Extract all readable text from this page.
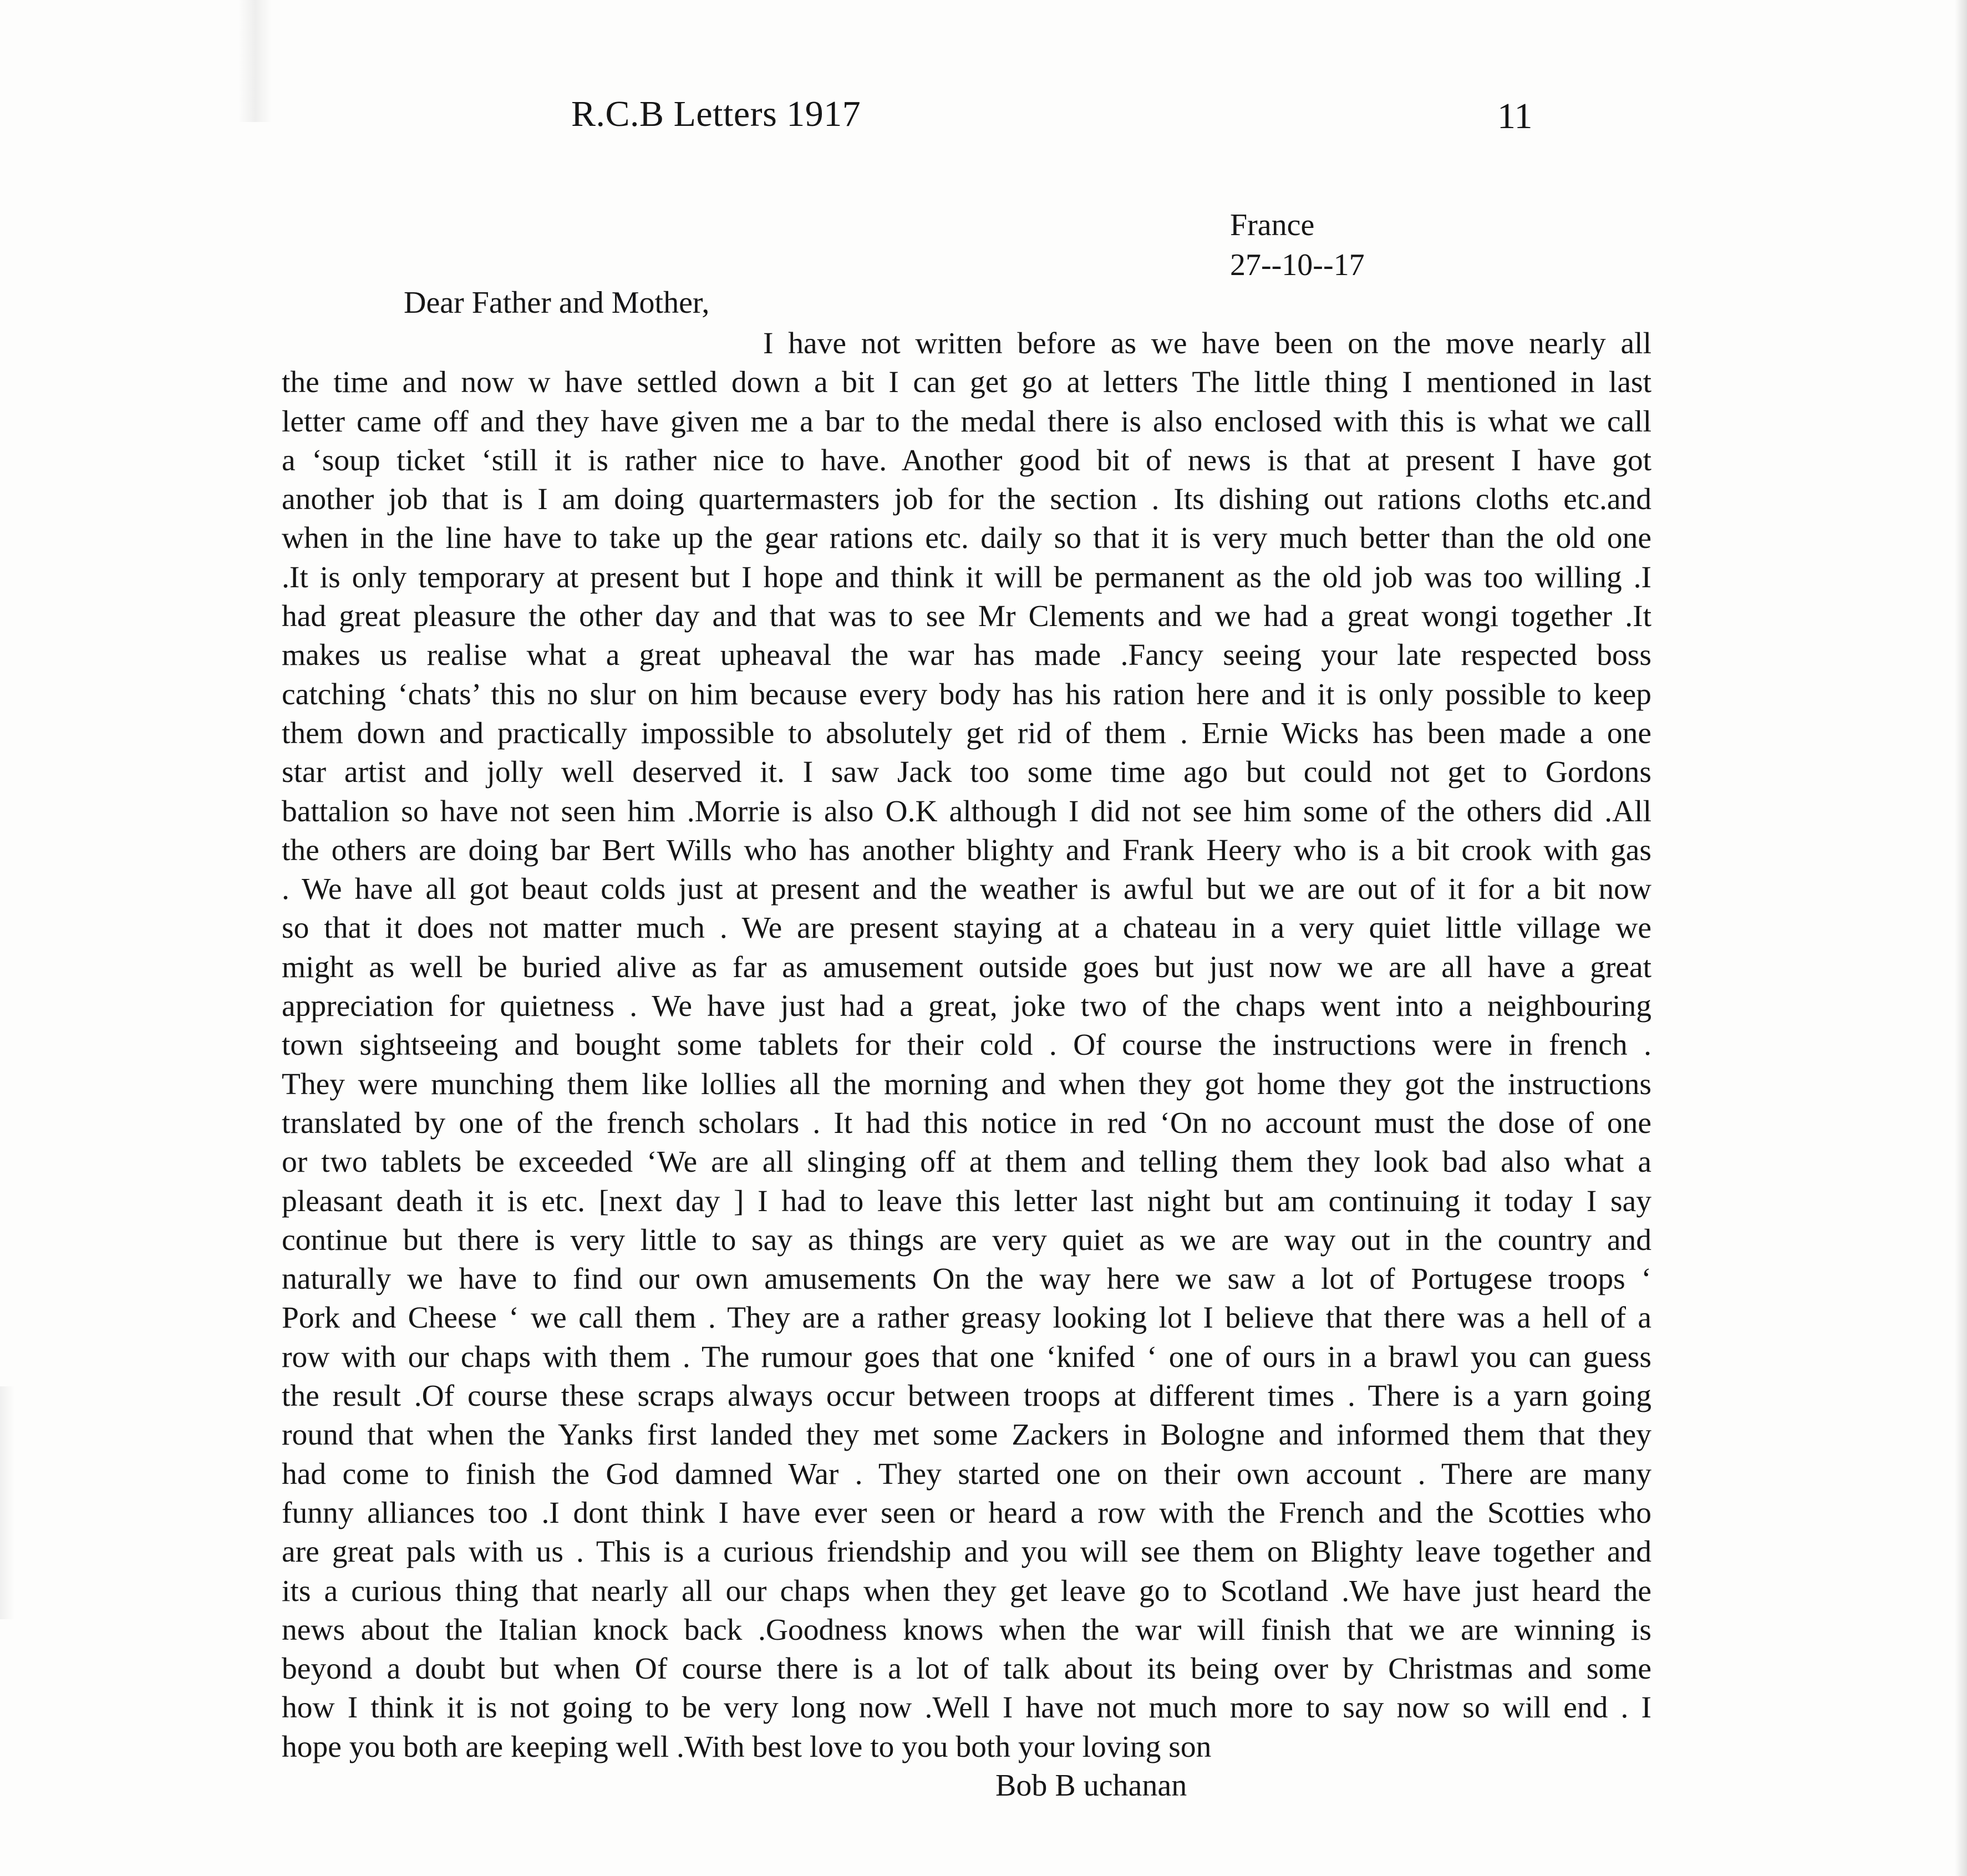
R.C.B Letters 1917	11
France
27--10--17
Dear Father and Mother,
I have not written before as we have been on the move nearly all
the time and now w have settled down a bit I can get go at letters The little thing I mentioned in last
letter came off and they have given me a bar to the medal there is also enclosed with this is what we call
a ‘soup ticket ‘still it is rather nice to have. Another good bit of news is that at present I have got
another job that is I am doing quartermasters job for the section . Its dishing out rations cloths etc.and
when in the line have to take up the gear rations etc. daily so that it is very much better than the old one
.It is only temporary at present but I hope and think it will be permanent as the old job was too willing .I
had great pleasure the other day and that was to see Mr Clements and we had a great wongi together .It
makes us realise what a great upheaval the war has made .Fancy seeing your late respected boss
catching ‘chats’ this no slur on him because every body has his ration here and it is only possible to keep
them down and practically impossible to absolutely get rid of them . Ernie Wicks has been made a one
star artist and jolly well deserved it. I saw Jack too some time ago but could not get to Gordons
battalion so have not seen him .Morrie is also O.K although I did not see him some of the others did .All
the others are doing bar Bert Wills who has another blighty and Frank Heery who is a bit crook with gas
. We have all got beaut colds just at present and the weather is awful but we are out of it for a bit now
so that it does not matter much . We are present staying at a chateau in a very quiet little village we
might as well be buried alive as far as amusement outside goes but just now we are all have a great
appreciation for quietness . We have just had a great, joke two of the chaps went into a neighbouring
town sightseeing and bought some tablets for their cold . Of course the instructions were in french .
They were munching them like lollies all the morning and when they got home they got the instructions
translated by one of the french scholars . It had this notice in red ‘On no account must the dose of one
or two tablets be exceeded ‘We are all slinging off at them and telling them they look bad also what a
pleasant death it is etc. [next day ] I had to leave this letter last night but am continuing it today I say
continue but there is very little to say as things are very quiet as we are way out in the country and
naturally we have to find our own amusements On the way here we saw a lot of Portugese troops ‘
Pork and Cheese ‘ we call them . They are a rather greasy looking lot I believe that there was a hell of a
row with our chaps with them . The rumour goes that one ‘knifed ‘ one of ours in a brawl you can guess
the result .Of course these scraps always occur between troops at different times . There is a yarn going
round that when the Yanks first landed they met some Zackers in Bologne and informed them that they
had come to finish the God damned War . They started one on their own account . There are many
funny alliances too .I dont think I have ever seen or heard a row with the French and the Scotties who
are great pals with us . This is a curious friendship and you will see them on Blighty leave together and
its a curious thing that nearly all our chaps when they get leave go to Scotland .We have just heard the
news about the Italian knock back .Goodness knows when the war will finish that we are winning is
beyond a doubt but when Of course there is a lot of talk about its being over by Christmas and some
how I think it is not going to be very long now .Well I have not much more to say now so will end . I
hope you both are keeping well .With best love to you both your loving son
Bob B uchanan
